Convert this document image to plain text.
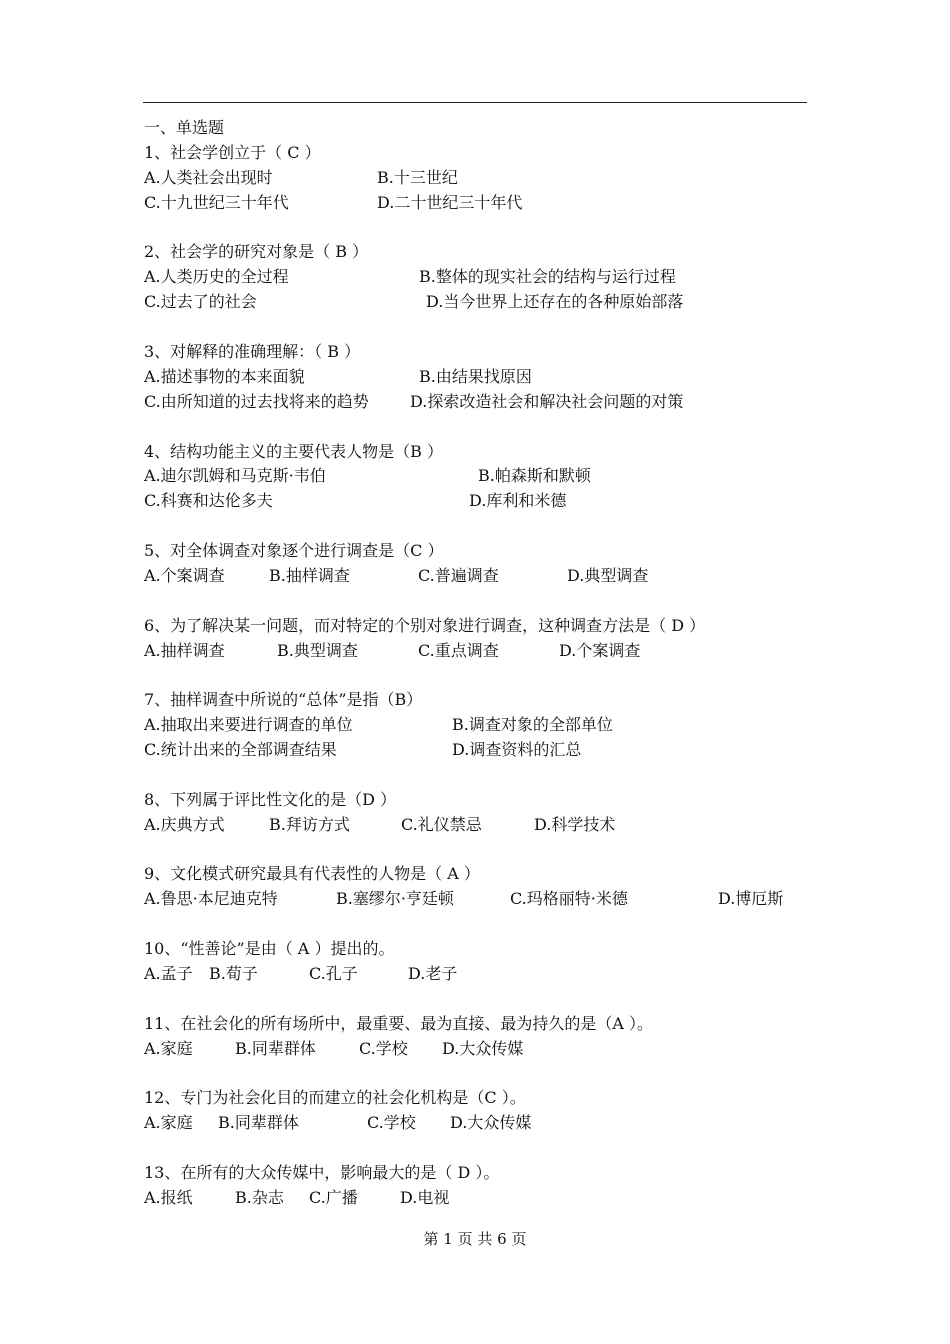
一、单选题
1、社会学创立于（ C ）
A.人类社会出现时	B.十三世纪
C.十九世纪三十年代	D.二十世纪三十年代
2、社会学的研究对象是（ B ）
A.人类历史的全过程	B.整体的现实社会的结构与运行过程
C.过去了的社会	D.当今世界上还存在的各种原始部落
3、对解释的准确理解：（ B ）
A.描述事物的本来面貌	B.由结果找原因
C.由所知道的过去找将来的趋势	D.探索改造社会和解决社会问题的对策
4、结构功能主义的主要代表人物是（B ）
A.迪尔凯姆和马克斯·韦伯	B.帕森斯和默顿
C.科赛和达伦多夫	D.库利和米德
5、对全体调查对象逐个进行调查是（C ）
A.个案调查	B.抽样调查	C.普遍调查	D.典型调查
6、为了解决某一问题，而对特定的个别对象进行调查，这种调查方法是（ D ）
A.抽样调查	B.典型调查	C.重点调查	D.个案调查
7、抽样调查中所说的“总体”是指（B）
A.抽取出来要进行调查的单位	B.调查对象的全部单位
C.统计出来的全部调查结果	D.调查资料的汇总
8、下列属于评比性文化的是（D ）
A.庆典方式	B.拜访方式	C.礼仪禁忌	D.科学技术
9、文化模式研究最具有代表性的人物是（ A ）
A.鲁思·本尼迪克特	B.塞缪尔·亨廷顿	C.玛格丽特·米德	D.博厄斯
10、“性善论”是由（ A ）提出的。
A.孟子 B.荀子	C.孔子	D.老子
11、在社会化的所有场所中，最重要、最为直接、最为持久的是（A ）。
A.家庭	B.同辈群体	C.学校 D.大众传媒
12、专门为社会化目的而建立的社会化机构是（C ）。
A.家庭 B.同辈群体	C.学校 D.大众传媒
13、在所有的大众传媒中，影响最大的是（ D ）。
A.报纸	B.杂志 C.广播	D.电视
第 1 页 共 6 页
